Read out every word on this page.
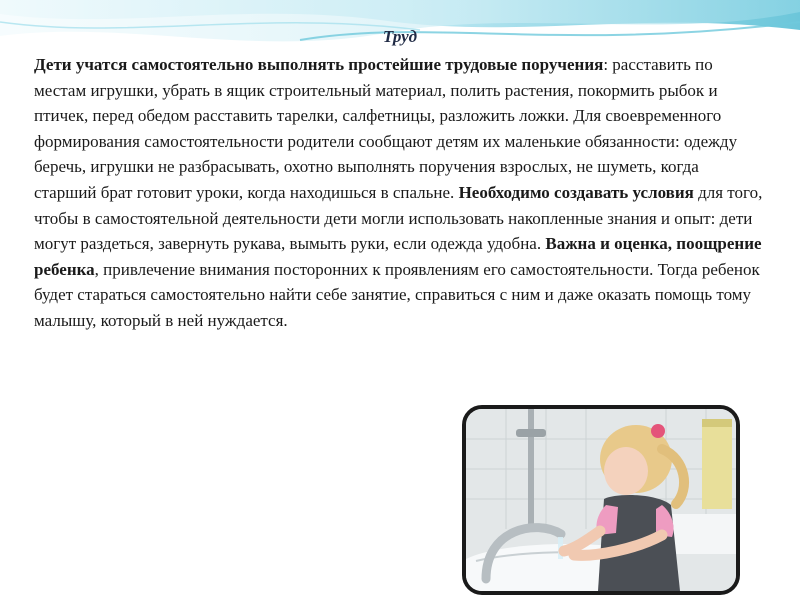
Труд

Дети учатся самостоятельно выполнять простейшие трудовые поручения: расставить по местам игрушки, убрать в ящик строительный материал, полить растения, покормить рыбок и птичек, перед обедом расставить тарелки, салфетницы, разложить ложки. Для своевременного формирования самостоятельности родители сообщают детям их маленькие обязанности: одежду беречь, игрушки не разбрасывать, охотно выполнять поручения взрослых, не шуметь, когда старший брат готовит уроки, когда находишься в спальне. Необходимо создавать условия для того, чтобы в самостоятельной деятельности дети могли использовать накопленные знания и опыт: дети могут раздеться, завернуть рукава, вымыть руки, если одежда удобна. Важна и оценка, поощрение ребенка, привлечение внимания посторонних к проявлениям его самостоятельности. Тогда ребенок будет стараться самостоятельно найти себе занятие, справиться с ним и даже оказать помощь тому малышу, который в ней нуждается.
